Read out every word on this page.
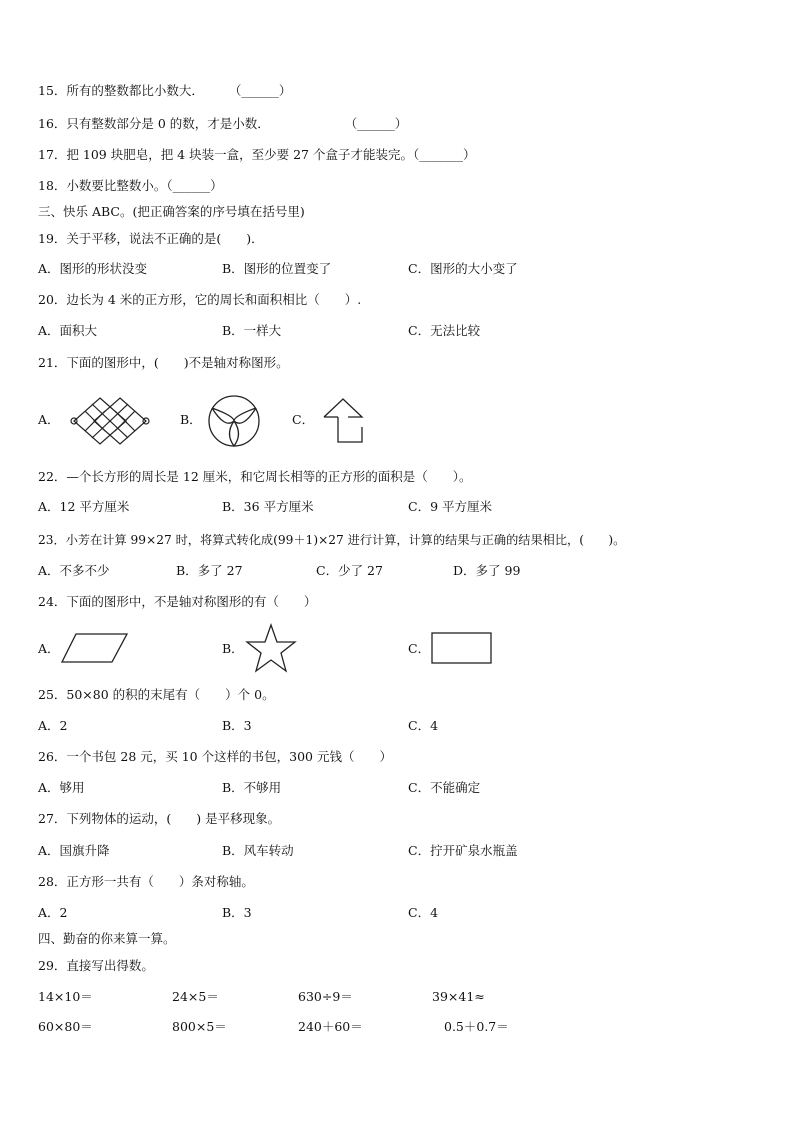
15．所有的整数都比小数大．　　　（______）
16．只有整数部分是 0 的数，才是小数．　　　　　　　（______）
17．把 109 块肥皂，把 4 块装一盒，至少要 27 个盒子才能装完。（_______）
18．小数要比整数小。（______）
三、快乐 ABC。(把正确答案的序号填在括号里)
19．关于平移，说法不正确的是(　　)．
A．图形的形状没变	B．图形的位置变了	C．图形的大小变了
20．边长为 4 米的正方形，它的周长和面积相比（　　）.
A．面积大	B．一样大	C．无法比较
21．下面的图形中，(　　)不是轴对称图形。
A．	B．	C．
22．—个长方形的周长是 12 厘米，和它周长相等的正方形的面积是（　　）。
A．12 平方厘米	B．36 平方厘米	C．9 平方厘米
23．小芳在计算 99×27 时，将算式转化成(99＋1)×27 进行计算，计算的结果与正确的结果相比，(　　)。
A．不多不少	B．多了 27	C．少了 27	D．多了 99
24．下面的图形中，不是轴对称图形的有（　　）
A．	B．	C．
25．50×80 的积的末尾有（　　）个 0。
A．2	B．3	C．4
26．一个书包 28 元，买 10 个这样的书包，300 元钱（　　）
A．够用	B．不够用	C．不能确定
27．下列物体的运动，(　　) 是平移现象。
A．国旗升降	B．风车转动	C．拧开矿泉水瓶盖
28．正方形一共有（　　）条对称轴。
A．2	B．3	C．4
四、勤奋的你来算一算。
29．直接写出得数。
14×10＝	24×5＝	630÷9＝	39×41≈
60×80＝	800×5＝	240＋60＝	0.5＋0.7＝
